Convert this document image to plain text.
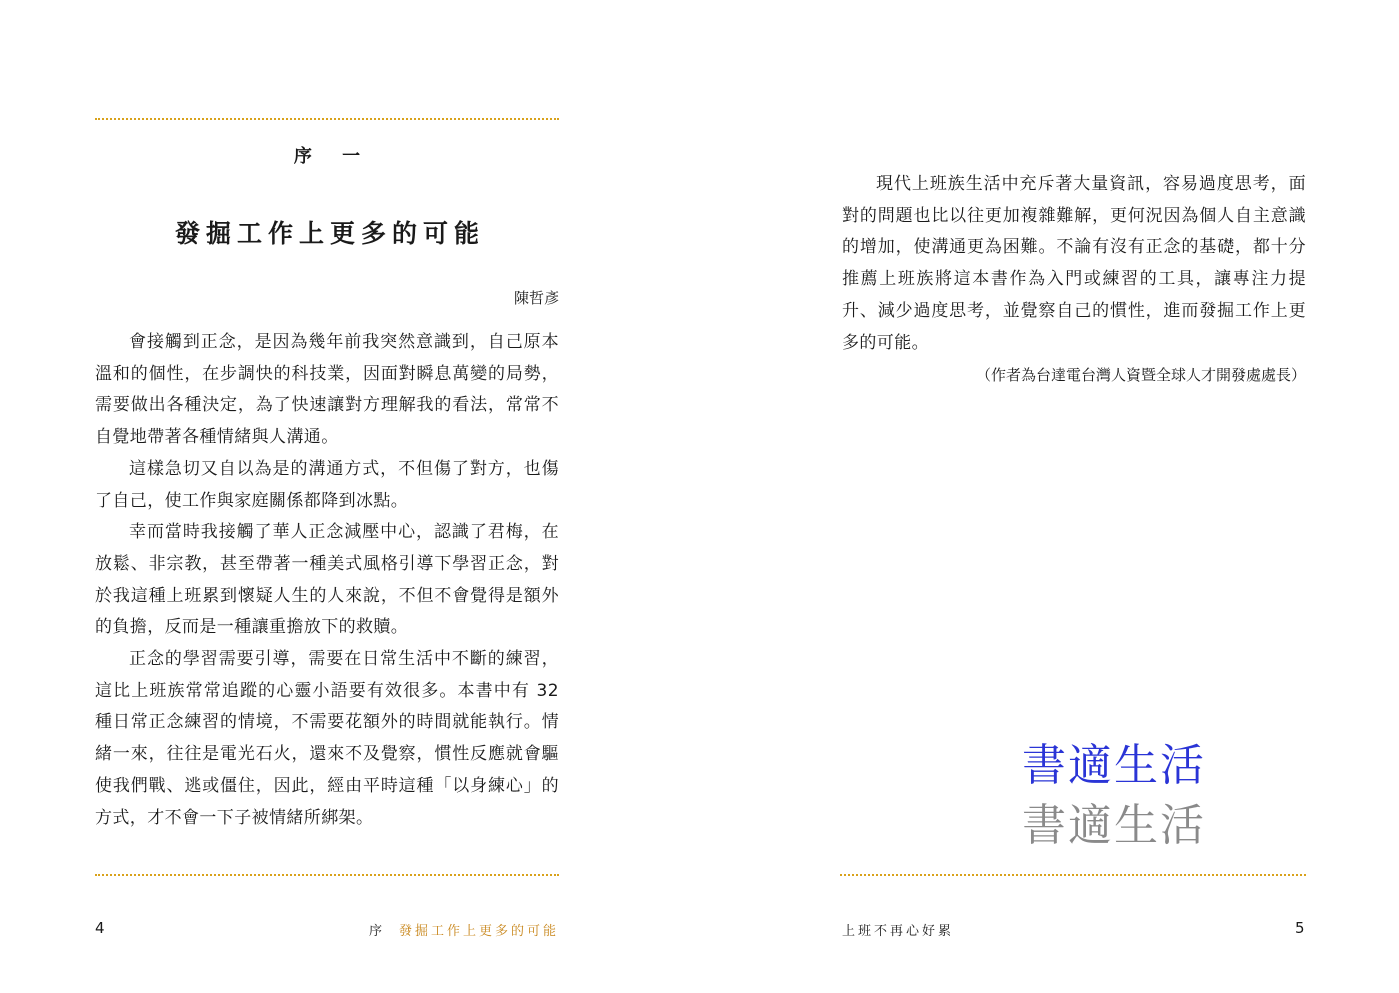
序 一
發掘工作上更多的可能
陳哲彥

會接觸到正念，是因為幾年前我突然意識到，自己原本溫和的個性，在步調快的科技業，因面對瞬息萬變的局勢，需要做出各種決定，為了快速讓對方理解我的看法，常常不自覺地帶著各種情緒與人溝通。

這樣急切又自以為是的溝通方式，不但傷了對方，也傷了自己，使工作與家庭關係都降到冰點。

幸而當時我接觸了華人正念減壓中心，認識了君梅，在放鬆、非宗教，甚至帶著一種美式風格引導下學習正念，對於我這種上班累到懷疑人生的人來說，不但不會覺得是額外的負擔，反而是一種讓重擔放下的救贖。

正念的學習需要引導，需要在日常生活中不斷的練習，這比上班族常常追蹤的心靈小語要有效很多。本書中有 32 種日常正念練習的情境，不需要花額外的時間就能執行。情緒一來，往往是電光石火，還來不及覺察，慣性反應就會驅使我們戰、逃或僵住，因此，經由平時這種「以身練心」的方式，才不會一下子被情緒所綁架。

4	序 發掘工作上更多的可能

現代上班族生活中充斥著大量資訊，容易過度思考，面對的問題也比以往更加複雜難解，更何況因為個人自主意識的增加，使溝通更為困難。不論有沒有正念的基礎，都十分推薦上班族將這本書作為入門或練習的工具，讓專注力提升、減少過度思考，並覺察自己的慣性，進而發掘工作上更多的可能。

（作者為台達電台灣人資暨全球人才開發處處長）
書適生活
書適生活
上班不再心好累	5
